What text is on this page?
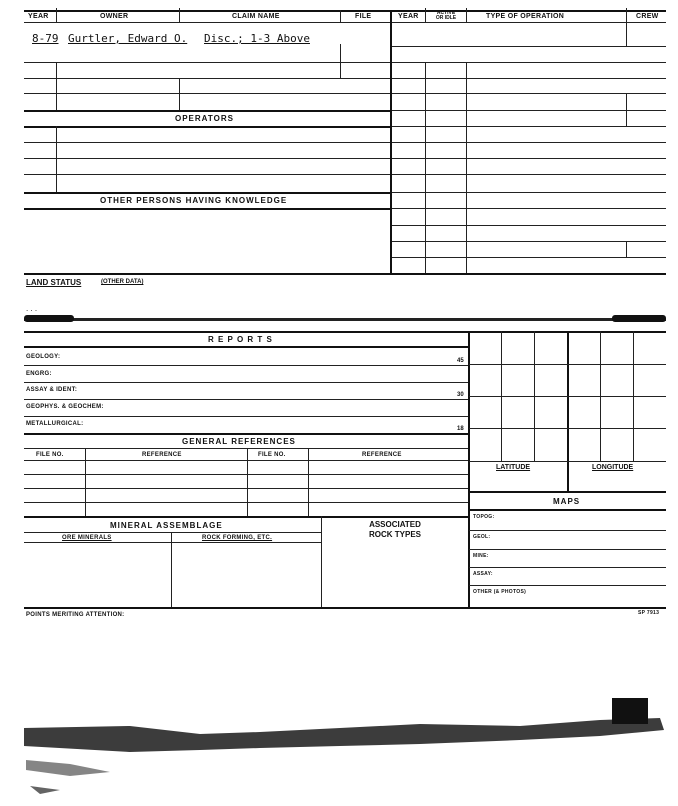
YEAR	OWNER	CLAIM NAME	FILE	YEAR	ACTIVE
OR IDLE	TYPE OF OPERATION	CREW
8-79 Gurtler, Edward O. Disc.; 1-3 Above
OPERATORS
OTHER PERSONS HAVING KNOWLEDGE
LAND STATUS	(OTHER DATA)
. . .
R E P O R T S
GEOLOGY:
45
ENGRG:
ASSAY & IDENT:
30
GEOPHYS. & GEOCHEM:
METALLURGICAL:
18
GENERAL REFERENCES
FILE NO.	REFERENCE	FILE NO.	REFERENCE
LATITUDE	LONGITUDE
MAPS
TOPOG:
GEOL:
MINE:
ASSAY:
OTHER (& PHOTOS)
MINERAL ASSEMBLAGE
ORE MINERALS	ROCK FORMING, ETC.
ASSOCIATED
ROCK TYPES
POINTS MERITING ATTENTION:	SP 7913
